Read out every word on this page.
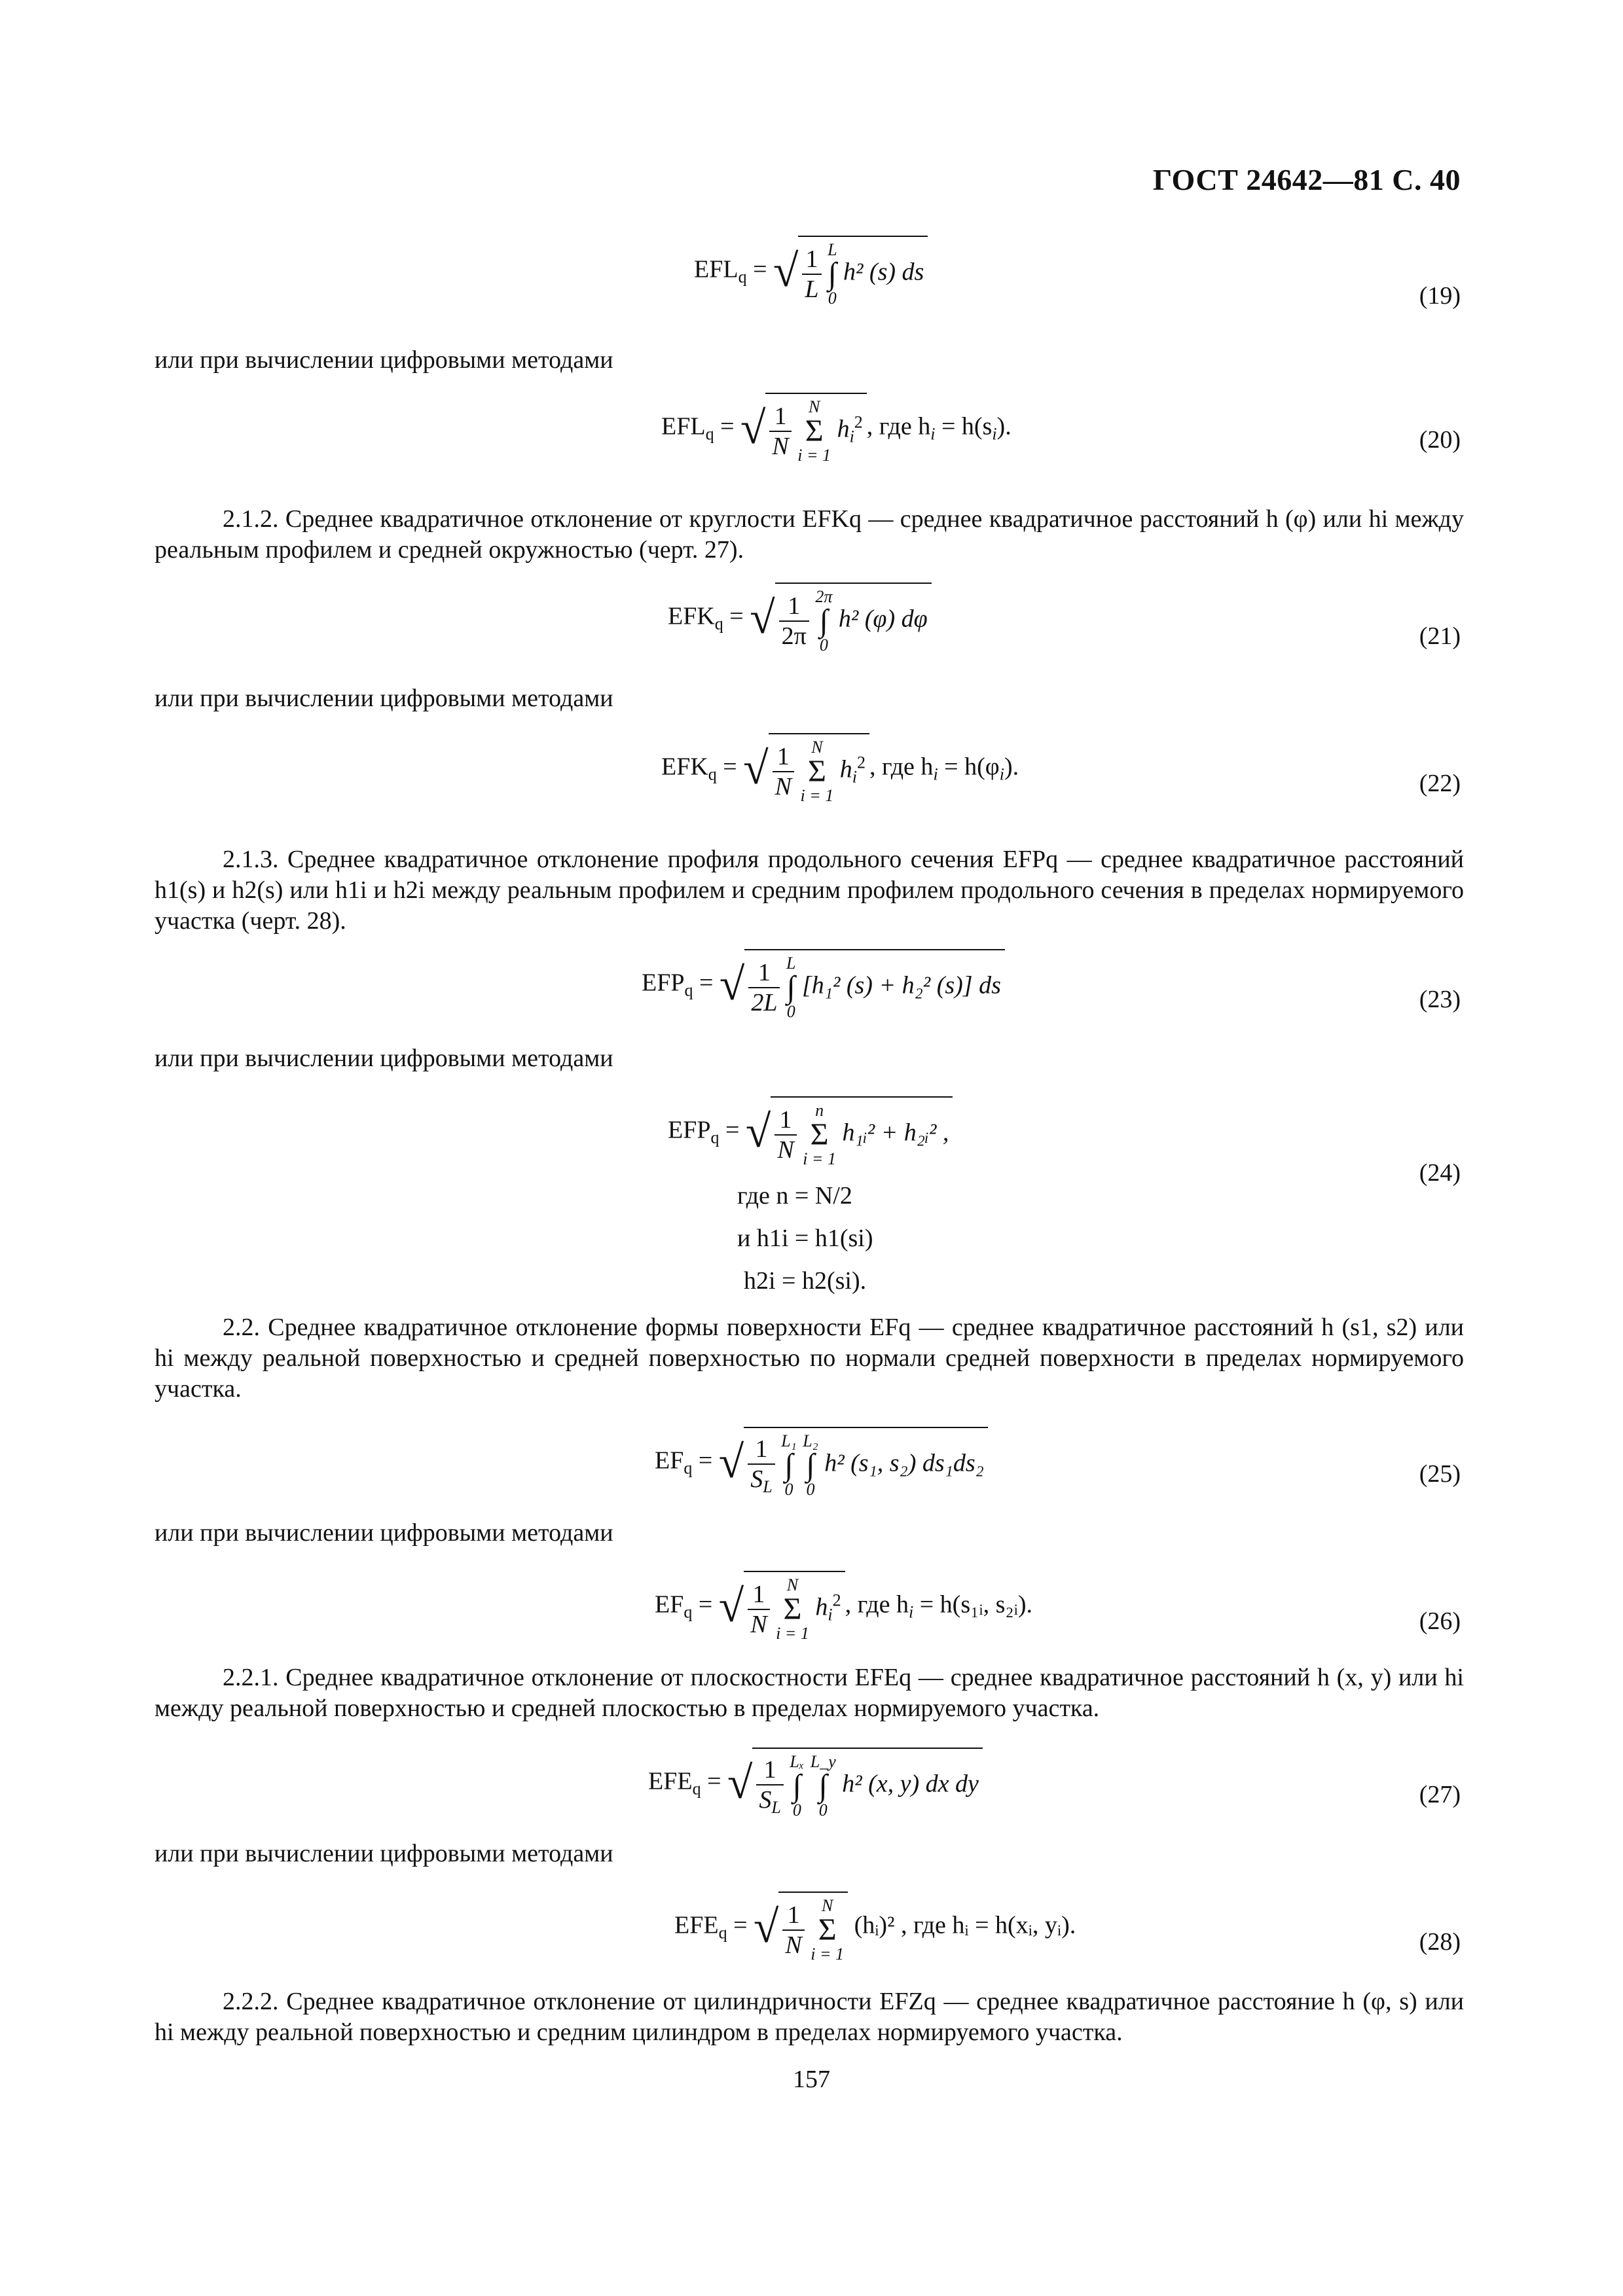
ГОСТ 24642—81 С. 40
$EFL_q$ = √ $\frac{1}{L}$
L
∫
0
h² (s) ds
(19)
или при вычислении цифровыми методами
$EFL_q$ = √ $\frac{1}{N}$
	N
Σ
i = 1
$h_i^2$ , где $h_i = h(s_i)$.	(20)
2.1.2. Среднее квадратичное отклонение от круглости EFKq — среднее квадратичное расстояний h (φ) или hi между реальным профилем и средней окружностью (черт. 27).
$EFK_q$ = √ $\frac{1}{2\pi}$
2π
∫
0
h² (φ) dφ
(21)
или при вычислении цифровыми методами
$EFK_q$ = √ $\frac{1}{N}$
	N
Σ
i = 1
$h_i^2$ , где $h_i = h(\varphi_i)$.
(22)
2.1.3. Среднее квадратичное отклонение профиля продольного сечения EFPq — среднее квадратичное расстояний h1(s) и h2(s) или h1i и h2i между реальным профилем и средним профилем продольного сечения в пределах нормируемого участка (черт. 28).
$EFP_q$ = √ $\frac{1}{2L}$
L
∫
0
[h₁² (s) + h₂² (s)] ds
(23)
или при вычислении цифровыми методами
$EFP_q$ = √ $\frac{1}{N}$
	n
Σ
i = 1
h₁ᵢ² + h₂ᵢ² ,
(24)
где n = N/2
и h1i = h1(si)
h2i = h2(si).
2.2. Среднее квадратичное отклонение формы поверхности EFq — среднее квадратичное расстояний h (s1, s2) или hi между реальной поверхностью и средней поверхностью по нормали средней поверхности в пределах нормируемого участка.
$EF_q$ = √ $\frac{1}{S_L}$
L₁
∫
0

L₂
∫
0
h² (s₁, s₂) ds₁ds₂	(25)
или при вычислении цифровыми методами
$EF_q$ = √ $\frac{1}{N}$
	N
Σ
i = 1
$h_i^2$ , где $h_i$ = h(s₁ᵢ, s₂ᵢ).
(26)
2.2.1. Среднее квадратичное отклонение от плоскостности EFEq — среднее квадратичное расстояний h (x, y) или hi между реальной поверхностью и средней плоскостью в пределах нормируемого участка.
$EFE_q$ = √ $\frac{1}{S_L}$
Lₓ
∫
0

L_y
∫
0
h² (x, y) dx dy	(27)
или при вычислении цифровыми методами
$EFE_q$ = √ $\frac{1}{N}$
	N
Σ
i = 1
(hᵢ)² , где hᵢ = h(xᵢ, yᵢ).
(28)
2.2.2. Среднее квадратичное отклонение от цилиндричности EFZq — среднее квадратичное расстояние h (φ, s) или hi между реальной поверхностью и средним цилиндром в пределах нормируемого участка.
157
